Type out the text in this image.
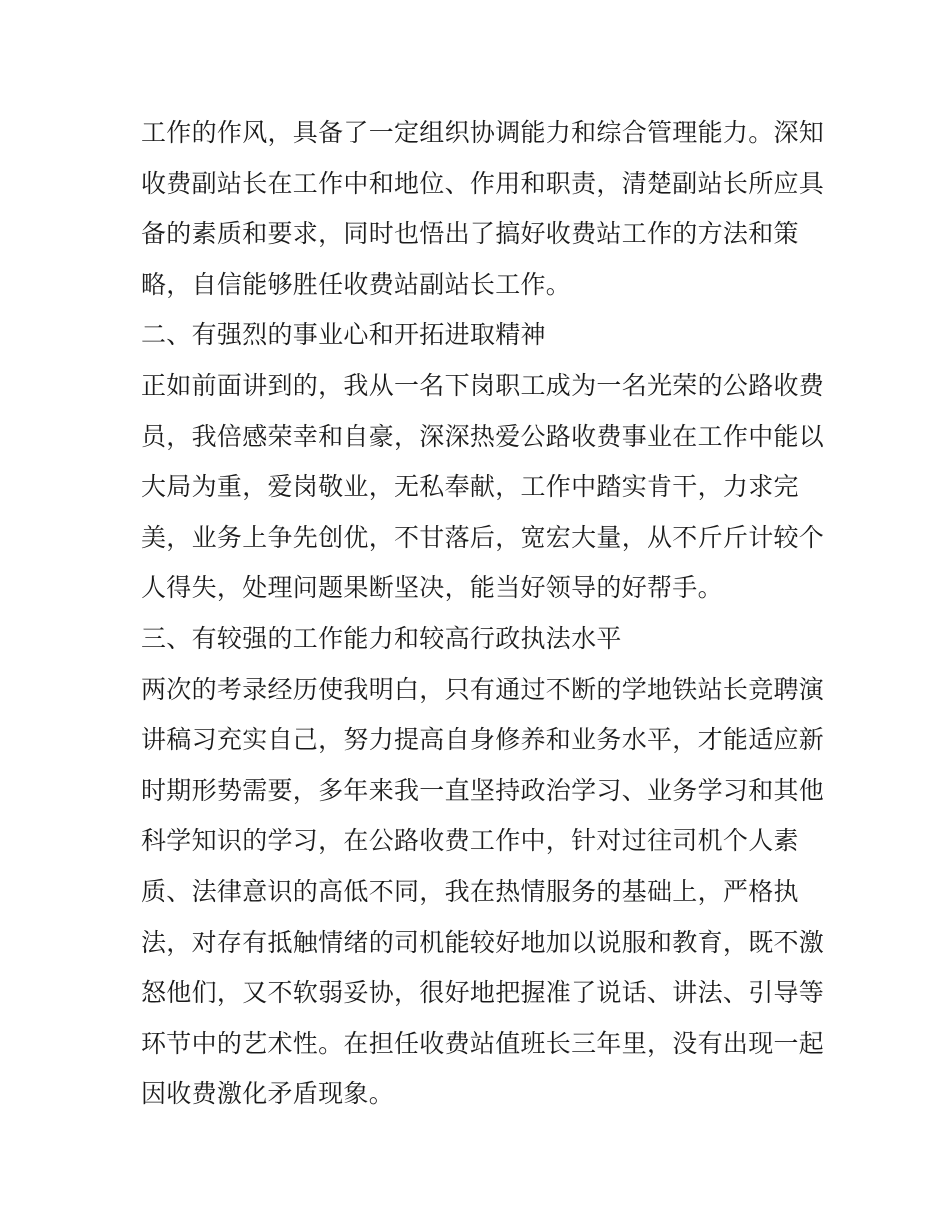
工作的作风，具备了一定组织协调能力和综合管理能力。深知
收费副站长在工作中和地位、作用和职责，清楚副站长所应具
备的素质和要求，同时也悟出了搞好收费站工作的方法和策
略，自信能够胜任收费站副站长工作。
二、有强烈的事业心和开拓进取精神
正如前面讲到的，我从一名下岗职工成为一名光荣的公路收费
员，我倍感荣幸和自豪，深深热爱公路收费事业在工作中能以
大局为重，爱岗敬业，无私奉献，工作中踏实肯干，力求完
美，业务上争先创优，不甘落后，宽宏大量，从不斤斤计较个
人得失，处理问题果断坚决，能当好领导的好帮手。
三、有较强的工作能力和较高行政执法水平
两次的考录经历使我明白，只有通过不断的学地铁站长竞聘演
讲稿习充实自己，努力提高自身修养和业务水平，才能适应新
时期形势需要，多年来我一直坚持政治学习、业务学习和其他
科学知识的学习，在公路收费工作中，针对过往司机个人素
质、法律意识的高低不同，我在热情服务的基础上，严格执
法，对存有抵触情绪的司机能较好地加以说服和教育，既不激
怒他们，又不软弱妥协，很好地把握准了说话、讲法、引导等
环节中的艺术性。在担任收费站值班长三年里，没有出现一起
因收费激化矛盾现象。
